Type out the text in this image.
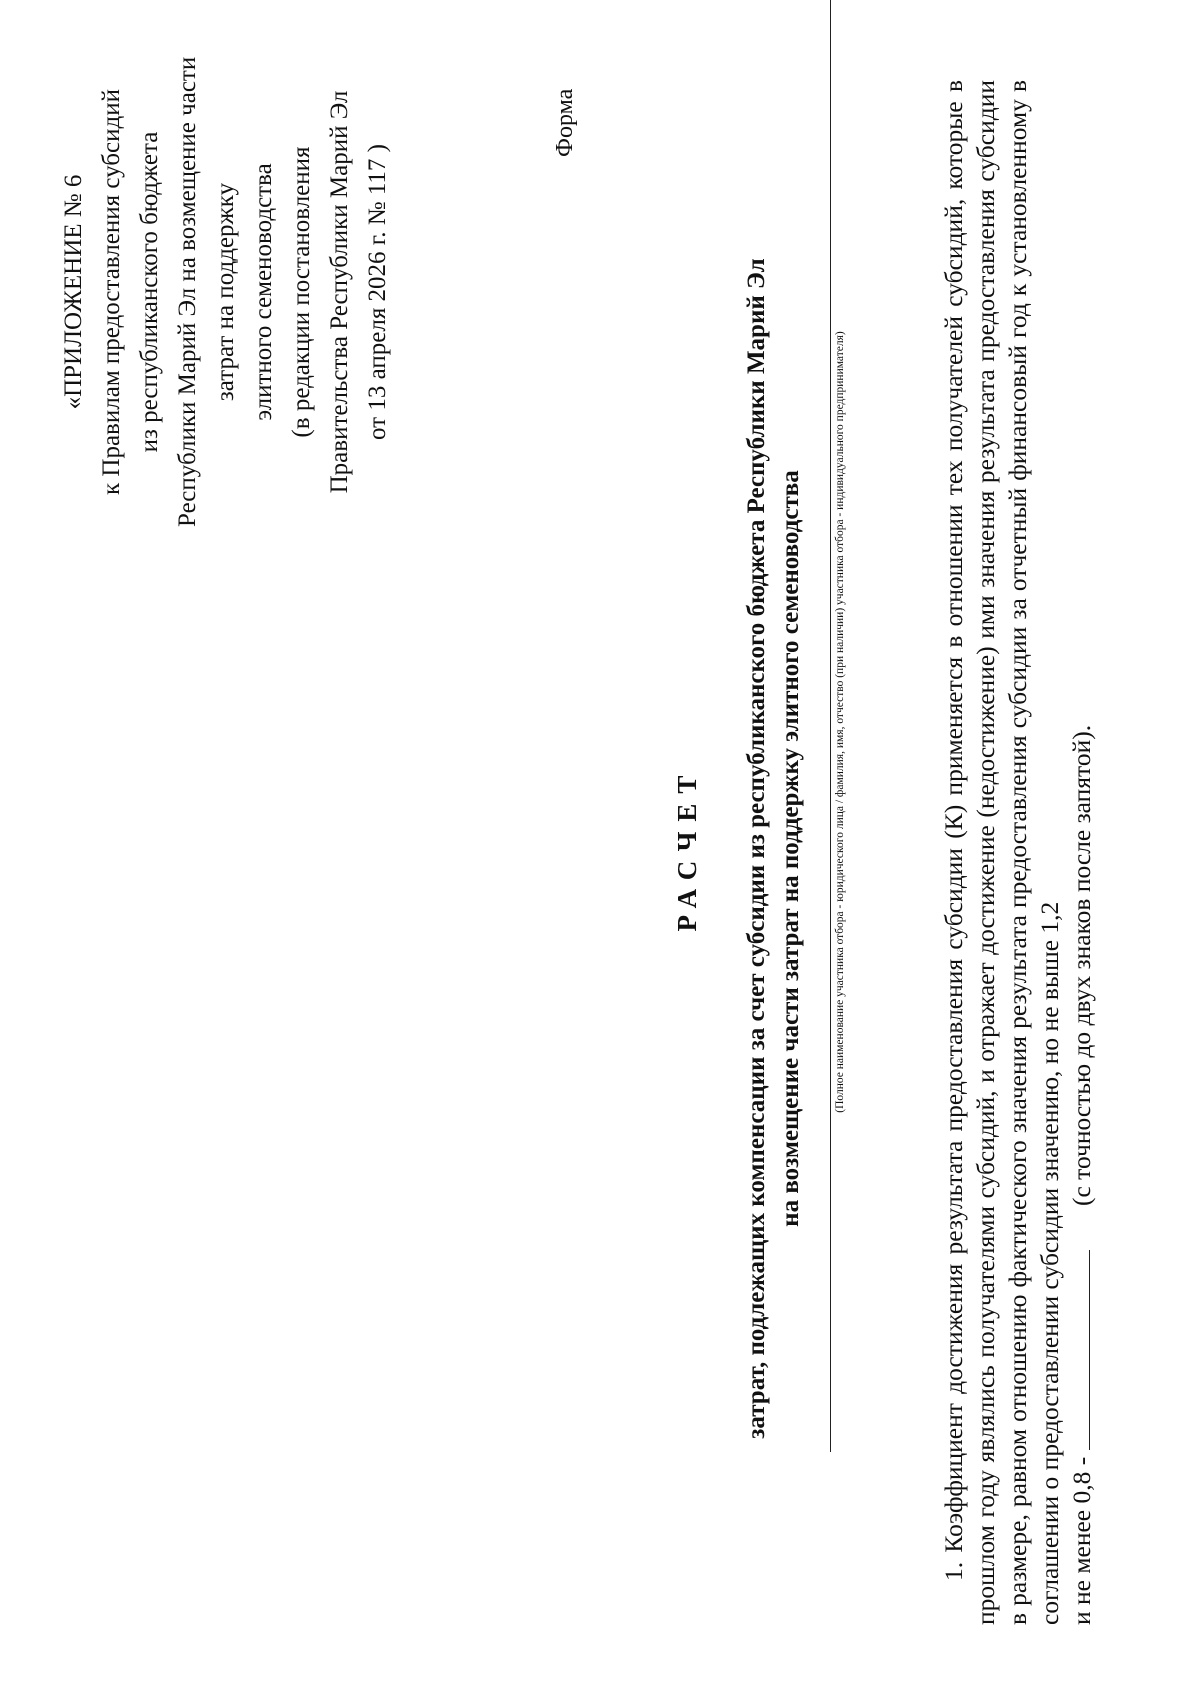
«ПРИЛОЖЕНИЕ № 6 к Правилам предоставления субсидий из республиканского бюджета Республики Марий Эл на возмещение части затрат на поддержку элитного семеноводства (в редакции постановления Правительства Республики Марий Эл от 13 апреля 2026 г. № 117 )
Форма
РАСЧЕТ затрат, подлежащих компенсации за счет субсидии из республиканского бюджета Республики Марий Эл на возмещение части затрат на поддержку элитного семеноводства	(Полное наименование участника отбора - юридического лица / фамилия, имя, отчество (при наличии) участника отбора - индивидуального предпринимателя)	1. Коэффициент достижения результата предоставления субсидии (К) применяется в отношении тех получателей субсидий, которые в прошлом году являлись получателями субсидий, и отражает достижение (недостижение) ими значения результата предоставления субсидии в размере, равном отношению фактического значения результата предоставления субсидии за отчетный финансовый год к установленному в соглашении о предоставлении субсидии значению, но не выше 1,2 и не менее 0,8 -  (с точностью до двух знаков после запятой).
